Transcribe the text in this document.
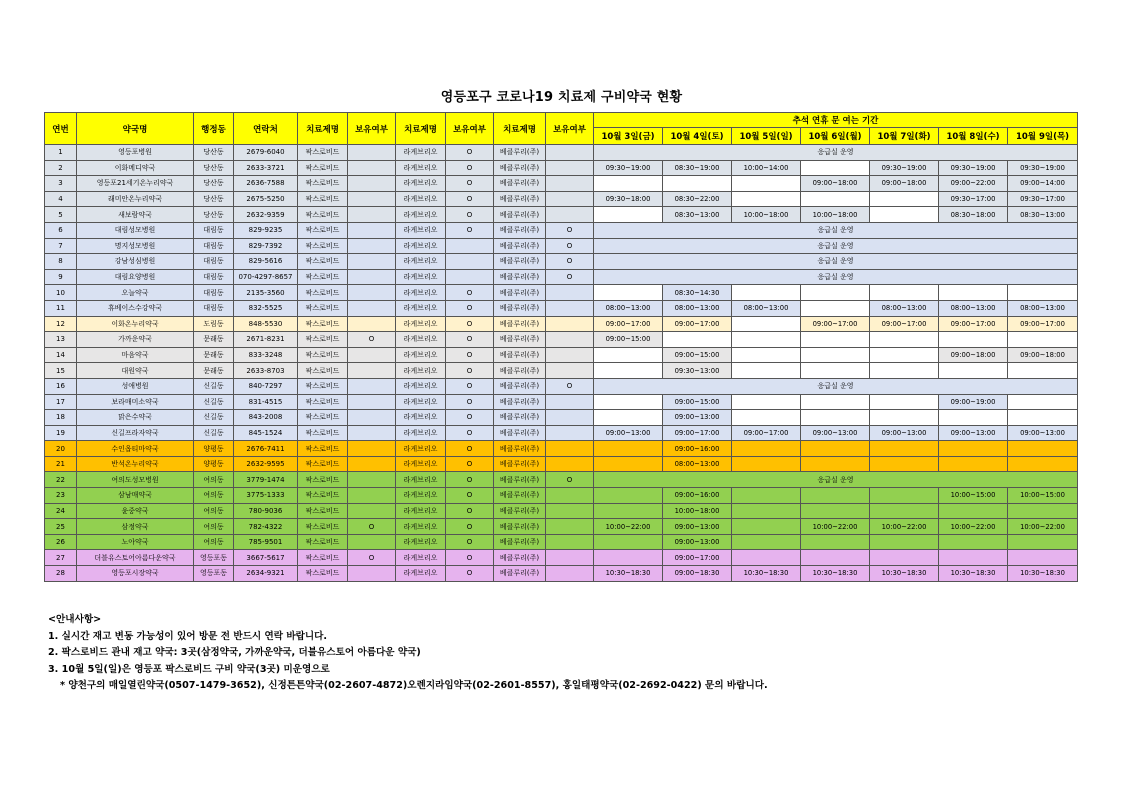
영등포구 코로나19 치료제 구비약국 현황
연번	약국명	행정동	연락처	치료제명	보유여부	치료제명	보유여부	치료제명	보유여부	추석 연휴 문 여는 기간						
										10월 3일(금)	10월 4일(토)	10월 5일(일)	10월 6일(월)	10월 7일(화)	10월 8일(수)	10월 9일(목)
1	영등포병원	당산동	2679-6040	팍스로비드		라게브리오	O	베클루리(주)		응급실 운영						
2	이화메디약국	당산동	2633-3721	팍스로비드		라게브리오	O	베클루리(주)		09:30~19:00	08:30~19:00	10:00~14:00		09:30~19:00	09:30~19:00	09:30~19:00
3	영등포21세기온누리약국	당산동	2636-7588	팍스로비드		라게브리오	O	베클루리(주)					09:00~18:00	09:00~18:00	09:00~22:00	09:00~14:00
4	래미안온누리약국	당산동	2675-5250	팍스로비드		라게브리오	O	베클루리(주)		09:30~18:00	08:30~22:00				09:30~17:00	09:30~17:00
5	새보람약국	당산동	2632-9359	팍스로비드		라게브리오	O	베클루리(주)			08:30~13:00	10:00~18:00	10:00~18:00		08:30~18:00	08:30~13:00
6	대림성모병원	대림동	829-9235	팍스로비드		라게브리오	O	베클루리(주)	O	응급실 운영						
7	명지성모병원	대림동	829-7392	팍스로비드		라게브리오		베클루리(주)	O	응급실 운영						
8	강남성심병원	대림동	829-5616	팍스로비드		라게브리오		베클루리(주)	O	응급실 운영						
9	대림요양병원	대림동	070-4297-8657	팍스로비드		라게브리오		베클루리(주)	O	응급실 운영						
10	오늘약국	대림동	2135-3560	팍스로비드		라게브리오	O	베클루리(주)			08:30~14:30					
11	휴베이스수강약국	대림동	832-5525	팍스로비드		라게브리오	O	베클루리(주)		08:00~13:00	08:00~13:00	08:00~13:00		08:00~13:00	08:00~13:00	08:00~13:00
12	이화온누리약국	도림동	848-5530	팍스로비드		라게브리오	O	베클루리(주)		09:00~17:00	09:00~17:00		09:00~17:00	09:00~17:00	09:00~17:00	09:00~17:00
13	가까운약국	문래동	2671-8231	팍스로비드	O	라게브리오	O	베클루리(주)		09:00~15:00						
14	마음약국	문래동	833-3248	팍스로비드		라게브리오	O	베클루리(주)			09:00~15:00				09:00~18:00	09:00~18:00
15	대원약국	문래동	2633-8703	팍스로비드		라게브리오	O	베클루리(주)			09:30~13:00					
16	성애병원	신길동	840-7297	팍스로비드		라게브리오	O	베클루리(주)	O	응급실 운영						
17	보라매미소약국	신길동	831-4515	팍스로비드		라게브리오	O	베클루리(주)			09:00~15:00				09:00~19:00	
18	맑은수약국	신길동	843-2008	팍스로비드		라게브리오	O	베클루리(주)			09:00~13:00					
19	신길프라자약국	신길동	845-1524	팍스로비드		라게브리오	O	베클루리(주)		09:00~13:00	09:00~17:00	09:00~17:00	09:00~13:00	09:00~13:00	09:00~13:00	09:00~13:00
20	수인옵티마약국	양평동	2676-7411	팍스로비드		라게브리오	O	베클루리(주)			09:00~16:00					
21	반석온누리약국	양평동	2632-9595	팍스로비드		라게브리오	O	베클루리(주)			08:00~13:00					
22	여의도성모병원	여의동	3779-1474	팍스로비드		라게브리오	O	베클루리(주)	O	응급실 운영						
23	삼남매약국	여의동	3775-1333	팍스로비드		라게브리오	O	베클루리(주)			09:00~16:00				10:00~15:00	10:00~15:00
24	윤중약국	여의동	780-9036	팍스로비드		라게브리오	O	베클루리(주)			10:00~18:00					
25	삼정약국	여의동	782-4322	팍스로비드	O	라게브리오	O	베클루리(주)		10:00~22:00	09:00~13:00		10:00~22:00	10:00~22:00	10:00~22:00	10:00~22:00
26	노아약국	여의동	785-9501	팍스로비드		라게브리오	O	베클루리(주)			09:00~13:00					
27	더블유스토어아름다운약국	영등포동	3667-5617	팍스로비드	O	라게브리오	O	베클루리(주)			09:00~17:00					
28	영등포시장약국	영등포동	2634-9321	팍스로비드		라게브리오	O	베클루리(주)		10:30~18:30	09:00~18:30	10:30~18:30	10:30~18:30	10:30~18:30	10:30~18:30	10:30~18:30
<안내사항>
1. 실시간 재고 변동 가능성이 있어 방문 전 반드시 연락 바랍니다.
2. 팍스로비드 관내 재고 약국: 3곳(삼정약국, 가까운약국, 더블유스토어 아름다운 약국)
3. 10월 5일(일)은 영등포 팍스로비드 구비 약국(3곳) 미운영으로
* 양천구의 매일열린약국(0507-1479-3652), 신정튼튼약국(02-2607-4872)오렌지라임약국(02-2601-8557), 홍일태평약국(02-2692-0422) 문의 바랍니다.
